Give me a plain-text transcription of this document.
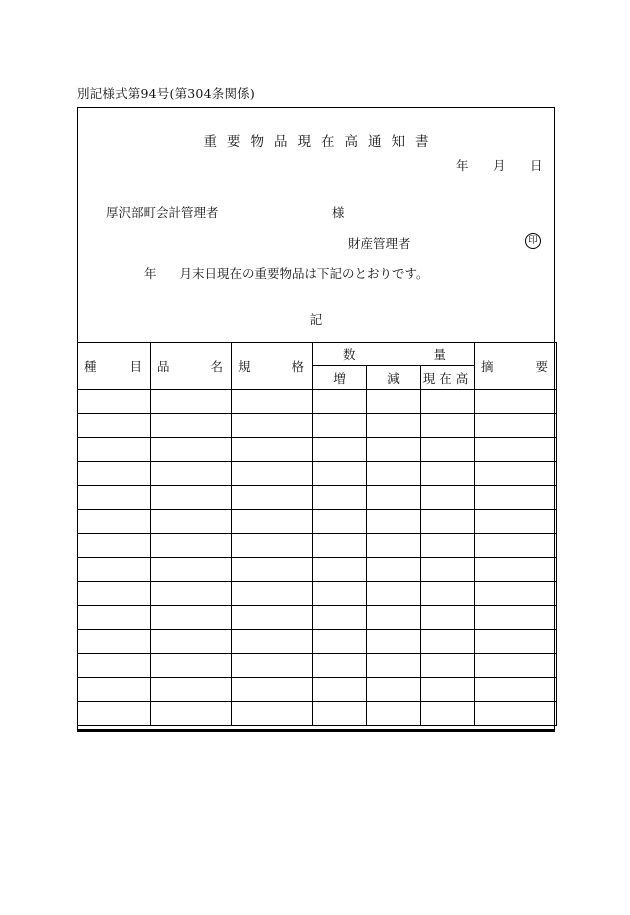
別記様式第94号(第304条関係)
重要物品現在高通知書
年 月 日
厚沢部町会計管理者	様
財産管理者	印
年 月末日現在の重要物品は下記のとおりです。
記
種 目	品 名	規 格	数 量			摘 要

			増	減	現在高	
